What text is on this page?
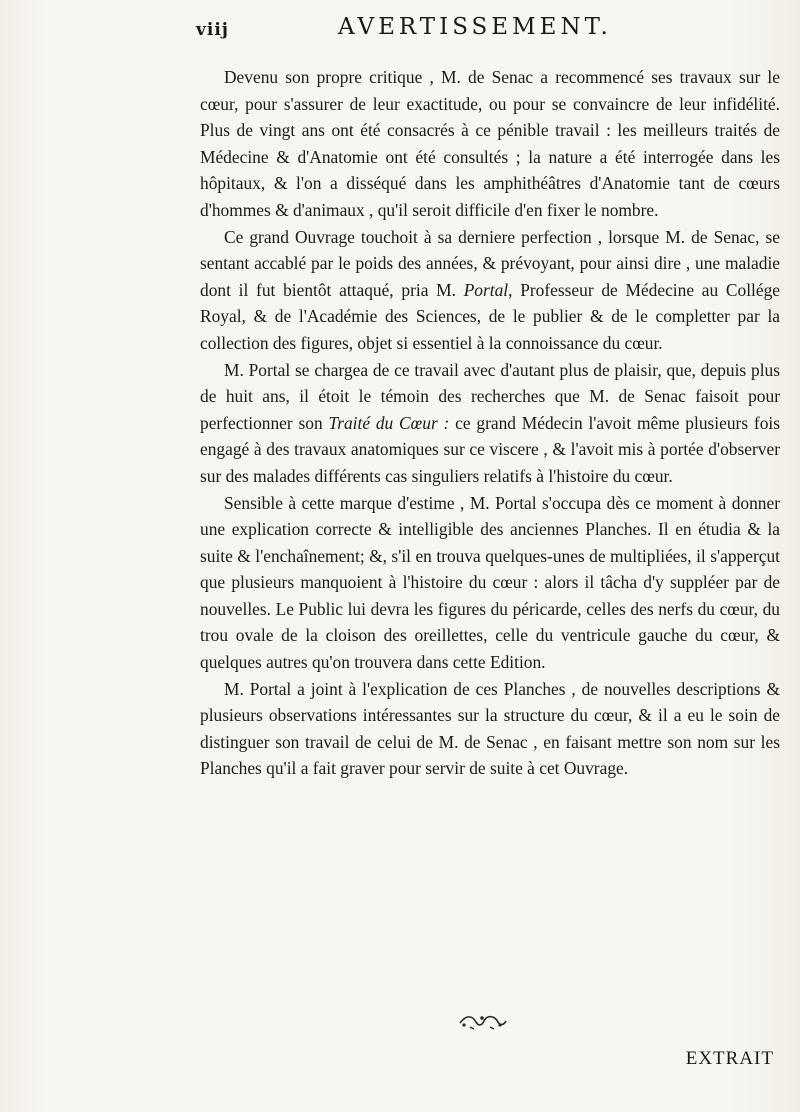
viij	AVERTISSEMENT.

Devenu son propre critique , M. de Senac a recommencé ses travaux sur le cœur, pour s'assurer de leur exactitude, ou pour se convaincre de leur infidélité. Plus de vingt ans ont été consacrés à ce pénible travail : les meilleurs traités de Médecine & d'Anatomie ont été consultés ; la nature a été interrogée dans les hôpitaux, & l'on a disséqué dans les amphithéâtres d'Anatomie tant de cœurs d'hommes & d'animaux , qu'il seroit difficile d'en fixer le nombre.

Ce grand Ouvrage touchoit à sa derniere perfection , lorsque M. de Senac, se sentant accablé par le poids des années, & prévoyant, pour ainsi dire , une maladie dont il fut bientôt attaqué, pria M. Portal, Professeur de Médecine au Collége Royal, & de l'Académie des Sciences, de le publier & de le completter par la collection des figures, objet si essentiel à la connoissance du cœur.

M. Portal se chargea de ce travail avec d'autant plus de plaisir, que, depuis plus de huit ans, il étoit le témoin des recherches que M. de Senac faisoit pour perfectionner son Traité du Cœur : ce grand Médecin l'avoit même plusieurs fois engagé à des travaux anatomiques sur ce viscere , & l'avoit mis à portée d'observer sur des malades différents cas singuliers relatifs à l'histoire du cœur.

Sensible à cette marque d'estime , M. Portal s'occupa dès ce moment à donner une explication correcte & intelligible des anciennes Planches. Il en étudia & la suite & l'enchaînement; &, s'il en trouva quelques-unes de multipliées, il s'apperçut que plusieurs manquoient à l'histoire du cœur : alors il tâcha d'y suppléer par de nouvelles. Le Public lui devra les figures du péricarde, celles des nerfs du cœur, du trou ovale de la cloison des oreillettes, celle du ventricule gauche du cœur, & quelques autres qu'on trouvera dans cette Edition.

M. Portal a joint à l'explication de ces Planches , de nouvelles descriptions & plusieurs observations intéressantes sur la structure du cœur, & il a eu le soin de distinguer son travail de celui de M. de Senac , en faisant mettre son nom sur les Planches qu'il a fait graver pour servir de suite à cet Ouvrage.

EXTRAIT
